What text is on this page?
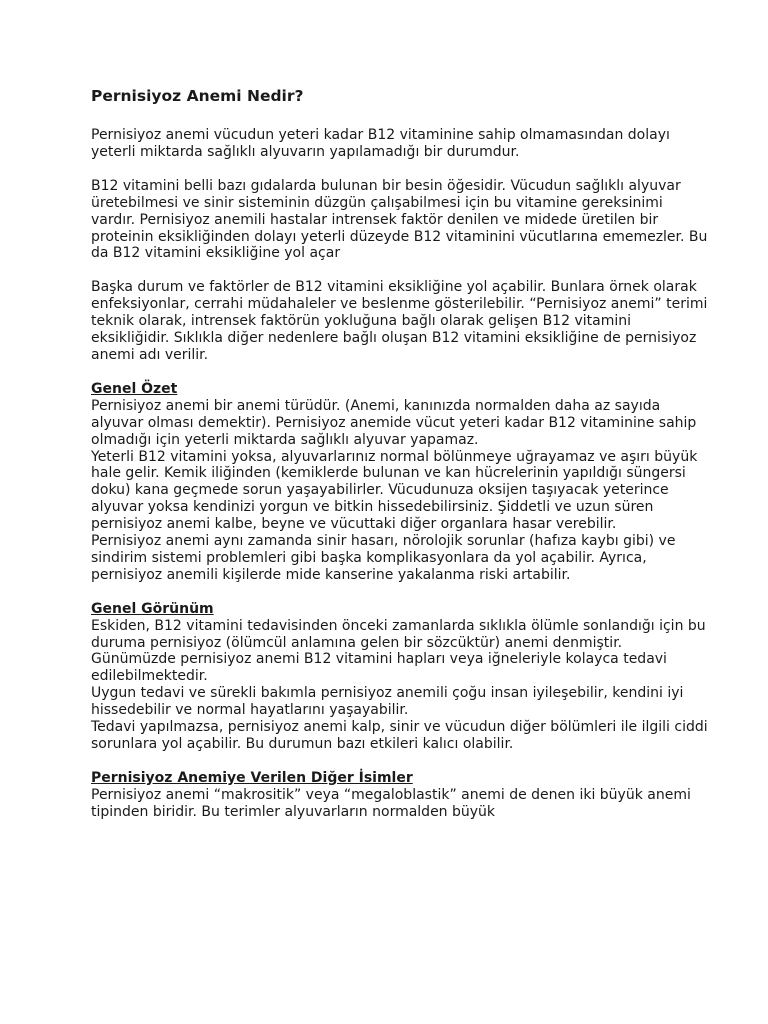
Pernisiyoz Anemi Nedir?

Pernisiyoz anemi vücudun yeteri kadar B12 vitaminine sahip olmamasından dolayı yeterli miktarda sağlıklı alyuvarın yapılamadığı bir durumdur.

B12 vitamini belli bazı gıdalarda bulunan bir besin öğesidir. Vücudun sağlıklı alyuvar üretebilmesi ve sinir sisteminin düzgün çalışabilmesi için bu vitamine gereksinimi vardır. Pernisiyoz anemili hastalar intrensek faktör denilen ve midede üretilen bir proteinin eksikliğinden dolayı yeterli düzeyde B12 vitaminini vücutlarına ememezler. Bu da B12 vitamini eksikliğine yol açar

Başka durum ve faktörler de B12 vitamini eksikliğine yol açabilir. Bunlara örnek olarak enfeksiyonlar, cerrahi müdahaleler ve beslenme gösterilebilir. “Pernisiyoz anemi” terimi teknik olarak, intrensek faktörün yokluğuna bağlı olarak gelişen B12 vitamini eksikliğidir. Sıklıkla diğer nedenlere bağlı oluşan B12 vitamini eksikliğine de pernisiyoz anemi adı verilir.

Genel Özet

Pernisiyoz anemi bir anemi türüdür. (Anemi, kanınızda normalden daha az sayıda alyuvar olması demektir). Pernisiyoz anemide vücut yeteri kadar B12 vitaminine sahip olmadığı için yeterli miktarda sağlıklı alyuvar yapamaz.

Yeterli B12 vitamini yoksa, alyuvarlarınız normal bölünmeye uğrayamaz ve aşırı büyük hale gelir. Kemik iliğinden (kemiklerde bulunan ve kan hücrelerinin yapıldığı süngersi doku) kana geçmede sorun yaşayabilirler. Vücudunuza oksijen taşıyacak yeterince alyuvar yoksa kendinizi yorgun ve bitkin hissedebilirsiniz. Şiddetli ve uzun süren pernisiyoz anemi kalbe, beyne ve vücuttaki diğer organlara hasar verebilir.

Pernisiyoz anemi aynı zamanda sinir hasarı, nörolojik sorunlar (hafıza kaybı gibi) ve sindirim sistemi problemleri gibi başka komplikasyonlara da yol açabilir. Ayrıca, pernisiyoz anemili kişilerde mide kanserine yakalanma riski artabilir.

Genel Görünüm

Eskiden, B12 vitamini tedavisinden önceki zamanlarda sıklıkla ölümle sonlandığı için bu duruma pernisiyoz (ölümcül anlamına gelen bir sözcüktür) anemi denmiştir. Günümüzde pernisiyoz anemi B12 vitamini hapları veya iğneleriyle kolayca tedavi edilebilmektedir.

Uygun tedavi ve sürekli bakımla pernisiyoz anemili çoğu insan iyileşebilir, kendini iyi hissedebilir ve normal hayatlarını yaşayabilir.

Tedavi yapılmazsa, pernisiyoz anemi kalp, sinir ve vücudun diğer bölümleri ile ilgili ciddi sorunlara yol açabilir. Bu durumun bazı etkileri kalıcı olabilir.

Pernisiyoz Anemiye Verilen Diğer İsimler

Pernisiyoz anemi “makrositik” veya “megaloblastik” anemi de denen iki büyük anemi tipinden biridir. Bu terimler alyuvarların normalden büyük
